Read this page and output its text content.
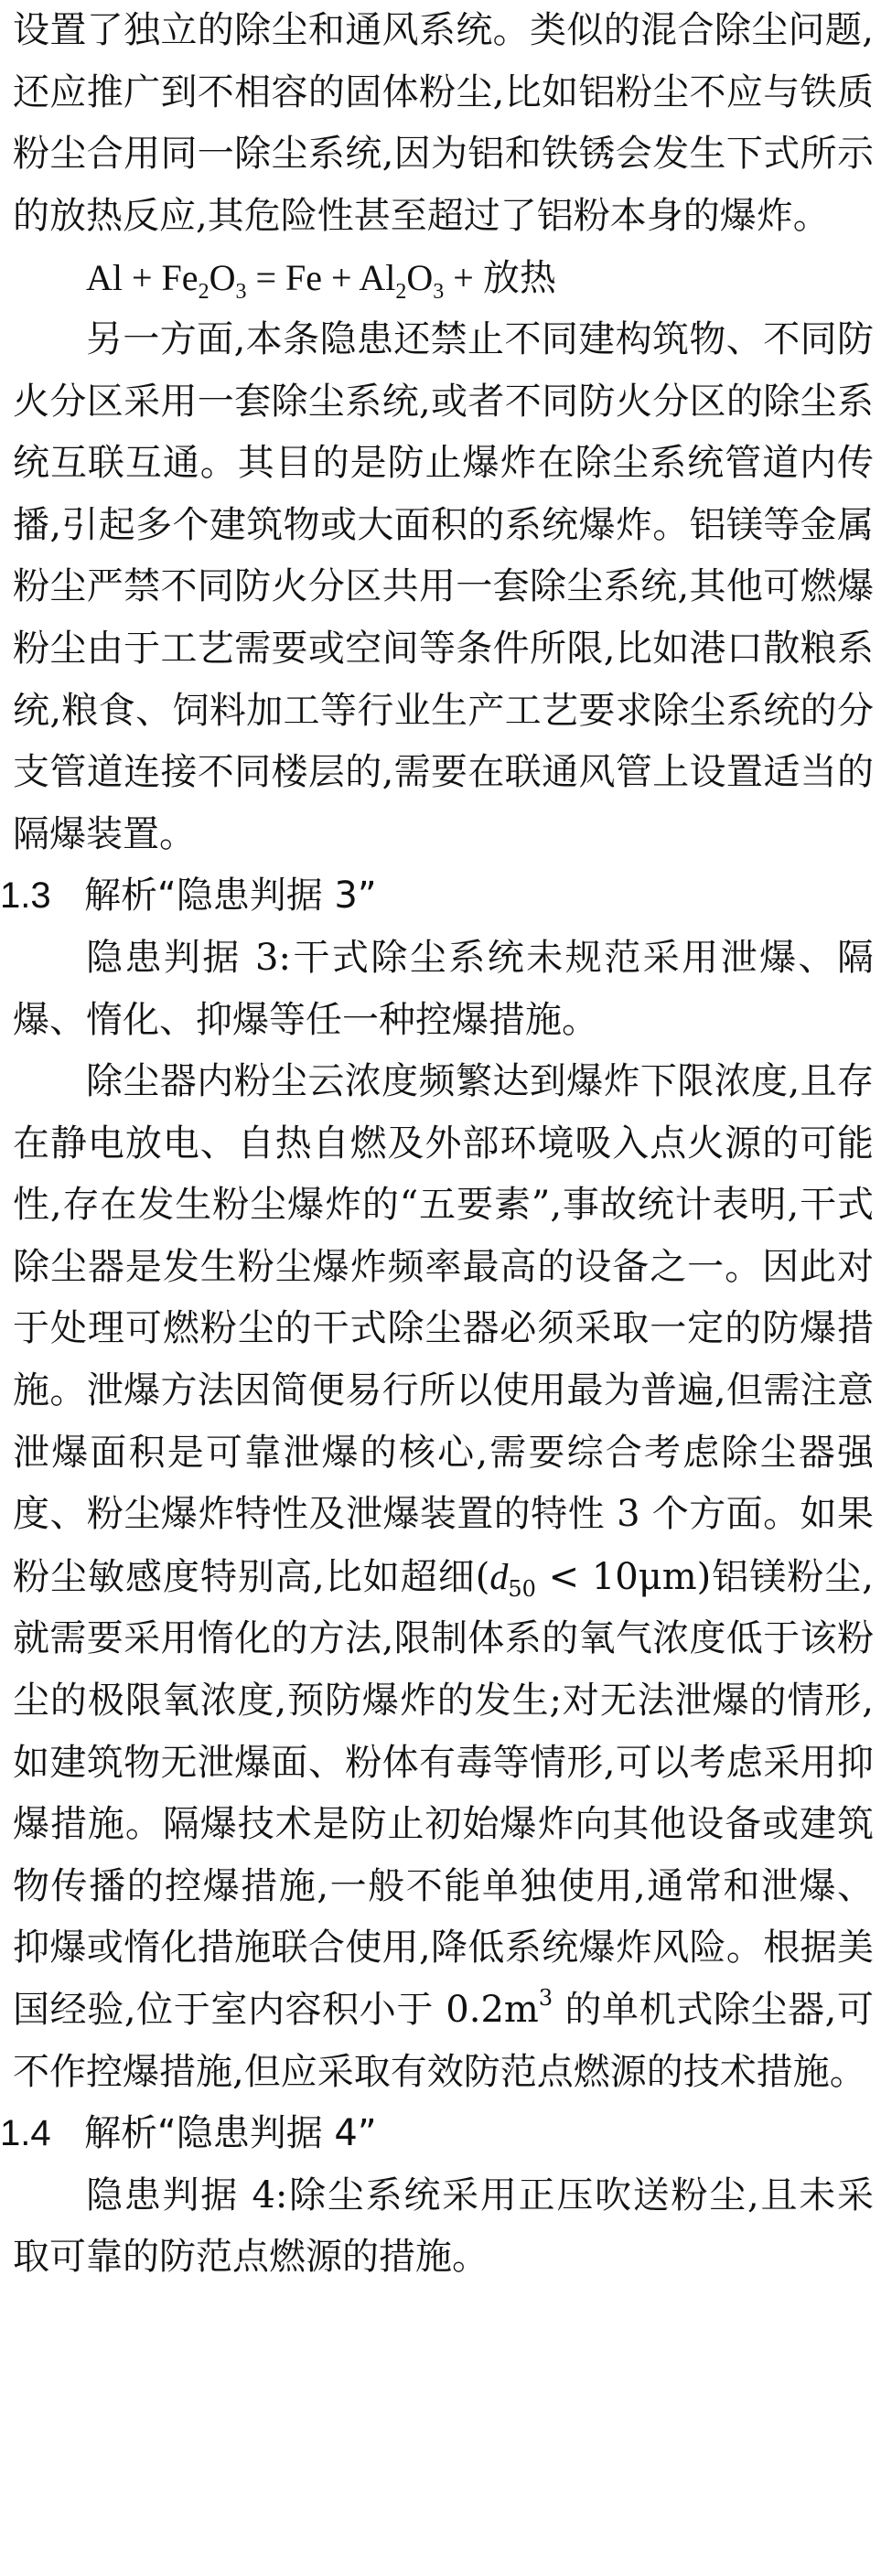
设置了独立的除尘和通风系统。类似的混合除尘问题,还应推广到不相容的固体粉尘,比如铝粉尘不应与铁质粉尘合用同一除尘系统,因为铝和铁锈会发生下式所示的放热反应,其危险性甚至超过了铝粉本身的爆炸。

$Al + Fe_2O_3 = Fe + Al_2O_3$ + 放热

另一方面,本条隐患还禁止不同建构筑物、不同防火分区采用一套除尘系统,或者不同防火分区的除尘系统互联互通。其目的是防止爆炸在除尘系统管道内传播,引起多个建筑物或大面积的系统爆炸。铝镁等金属粉尘严禁不同防火分区共用一套除尘系统,其他可燃爆粉尘由于工艺需要或空间等条件所限,比如港口散粮系统,粮食、饲料加工等行业生产工艺要求除尘系统的分支管道连接不同楼层的,需要在联通风管上设置适当的隔爆装置。

1.3 解析“隐患判据 3”

隐患判据 3:干式除尘系统未规范采用泄爆、隔爆、惰化、抑爆等任一种控爆措施。

除尘器内粉尘云浓度频繁达到爆炸下限浓度,且存在静电放电、自热自燃及外部环境吸入点火源的可能性,存在发生粉尘爆炸的“五要素”,事故统计表明,干式除尘器是发生粉尘爆炸频率最高的设备之一。因此对于处理可燃粉尘的干式除尘器必须采取一定的防爆措施。泄爆方法因简便易行所以使用最为普遍,但需注意泄爆面积是可靠泄爆的核心,需要综合考虑除尘器强度、粉尘爆炸特性及泄爆装置的特性 3 个方面。如果粉尘敏感度特别高,比如超细$(d_{50} < 10\mu m)$铝镁粉尘,就需要采用惰化的方法,限制体系的氧气浓度低于该粉尘的极限氧浓度,预防爆炸的发生;对无法泄爆的情形,如建筑物无泄爆面、粉体有毒等情形,可以考虑采用抑爆措施。隔爆技术是防止初始爆炸向其他设备或建筑物传播的控爆措施,一般不能单独使用,通常和泄爆、抑爆或惰化措施联合使用,降低系统爆炸风险。根据美国经验,位于室内容积小于 $0.2m^3$ 的单机式除尘器,可不作控爆措施,但应采取有效防范点燃源的技术措施。

1.4 解析“隐患判据 4”

隐患判据 4:除尘系统采用正压吹送粉尘,且未采取可靠的防范点燃源的措施。
